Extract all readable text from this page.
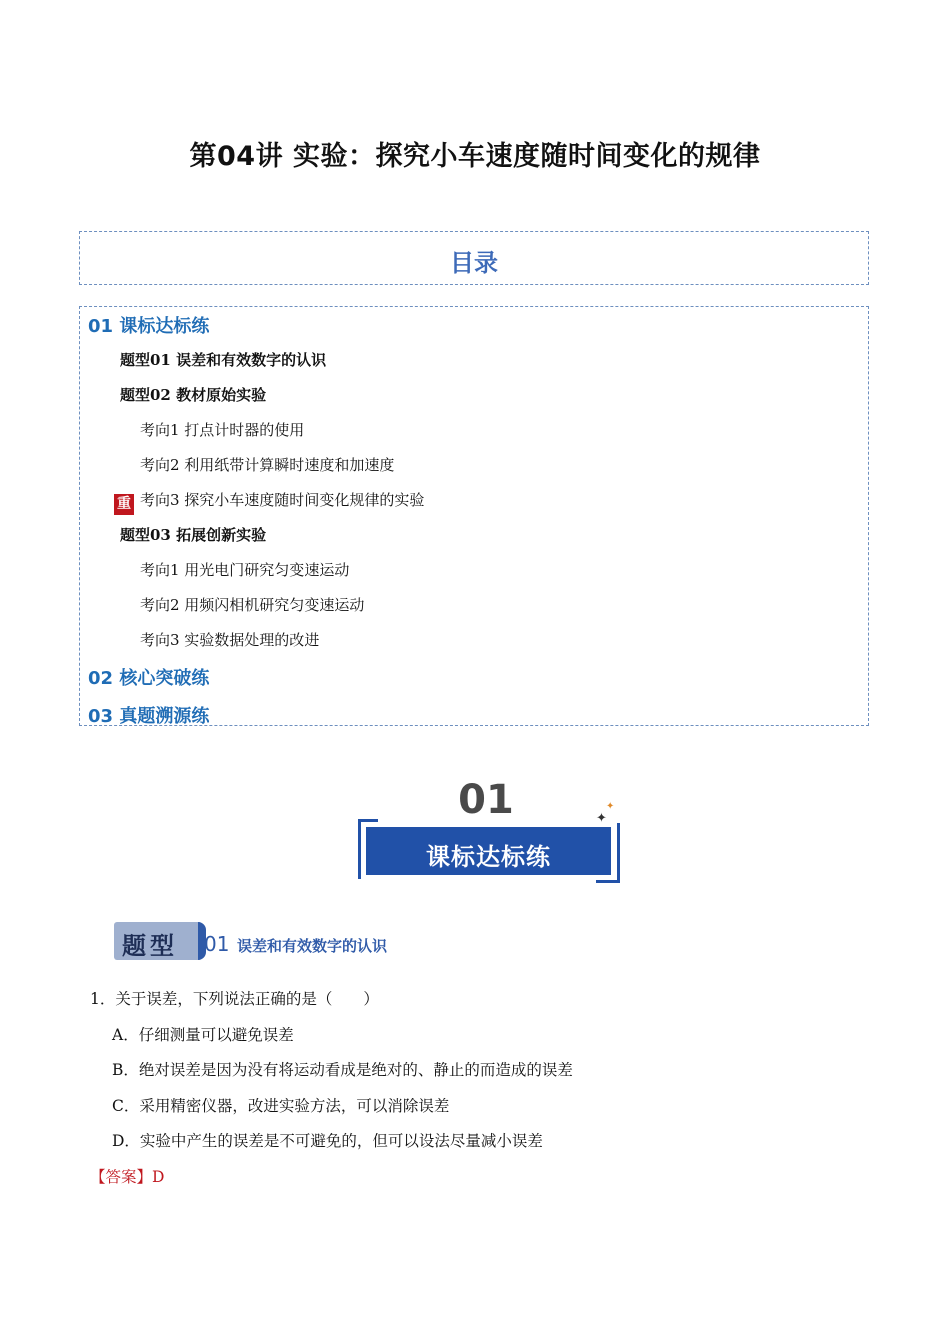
第04讲 实验：探究小车速度随时间变化的规律
目录
01 课标达标练
题型01 误差和有效数字的认识
题型02 教材原始实验
考向1 打点计时器的使用
考向2 利用纸带计算瞬时速度和加速度
重 考向3 探究小车速度随时间变化规律的实验
题型03 拓展创新实验
考向1 用光电门研究匀变速运动
考向2 用频闪相机研究匀变速运动
考向3 实验数据处理的改进
02 核心突破练
03 真题溯源练
01
课标达标练
✦
✦
题型 01 误差和有效数字的认识
1．关于误差，下列说法正确的是（　　）
A．仔细测量可以避免误差
B．绝对误差是因为没有将运动看成是绝对的、静止的而造成的误差
C．采用精密仪器，改进实验方法，可以消除误差
D．实验中产生的误差是不可避免的，但可以设法尽量减小误差
【答案】D
